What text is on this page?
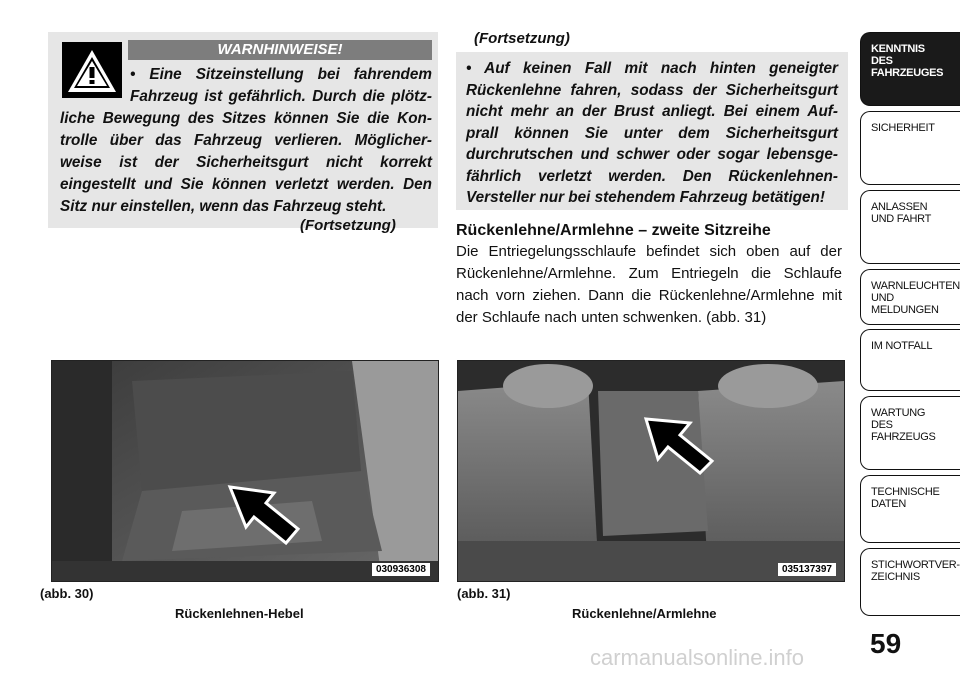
WARNHINWEISE!
• Eine Sitzeinstellung bei fahrendem Fahrzeug ist gefährlich. Durch die plötz-liche Bewegung des Sitzes können Sie die Kon-trolle über das Fahrzeug verlieren. Möglicher-weise ist der Sicherheitsgurt nicht korrekt eingestellt und Sie können verletzt werden. Den Sitz nur einstellen, wenn das Fahrzeug steht.
(Fortsetzung)
(Fortsetzung)
• Auf keinen Fall mit nach hinten geneigter Rückenlehne fahren, sodass der Sicherheitsgurt nicht mehr an der Brust anliegt. Bei einem Auf-prall können Sie unter dem Sicherheitsgurt durchrutschen und schwer oder sogar lebensge-fährlich verletzt werden. Den Rückenlehnen-Versteller nur bei stehendem Fahrzeug betätigen!
Rückenlehne/Armlehne – zweite Sitzreihe
Die Entriegelungsschlaufe befindet sich oben auf der Rückenlehne/Armlehne. Zum Entriegeln die Schlaufe nach vorn ziehen. Dann die Rückenlehne/Armlehne mit der Schlaufe nach unten schwenken. (abb. 31)
030936308
(abb. 30)
Rückenlehnen-Hebel
035137397
(abb. 31)
Rückenlehne/Armlehne
KENNTNIS
DES
FAHRZEUGES
SICHERHEIT
ANLASSEN
UND FAHRT
WARNLEUCHTEN
UND
MELDUNGEN
IM NOTFALL
WARTUNG
DES
FAHRZEUGS
TECHNISCHE
DATEN
STICHWORTVER-
ZEICHNIS
59
carmanualsonline.info
